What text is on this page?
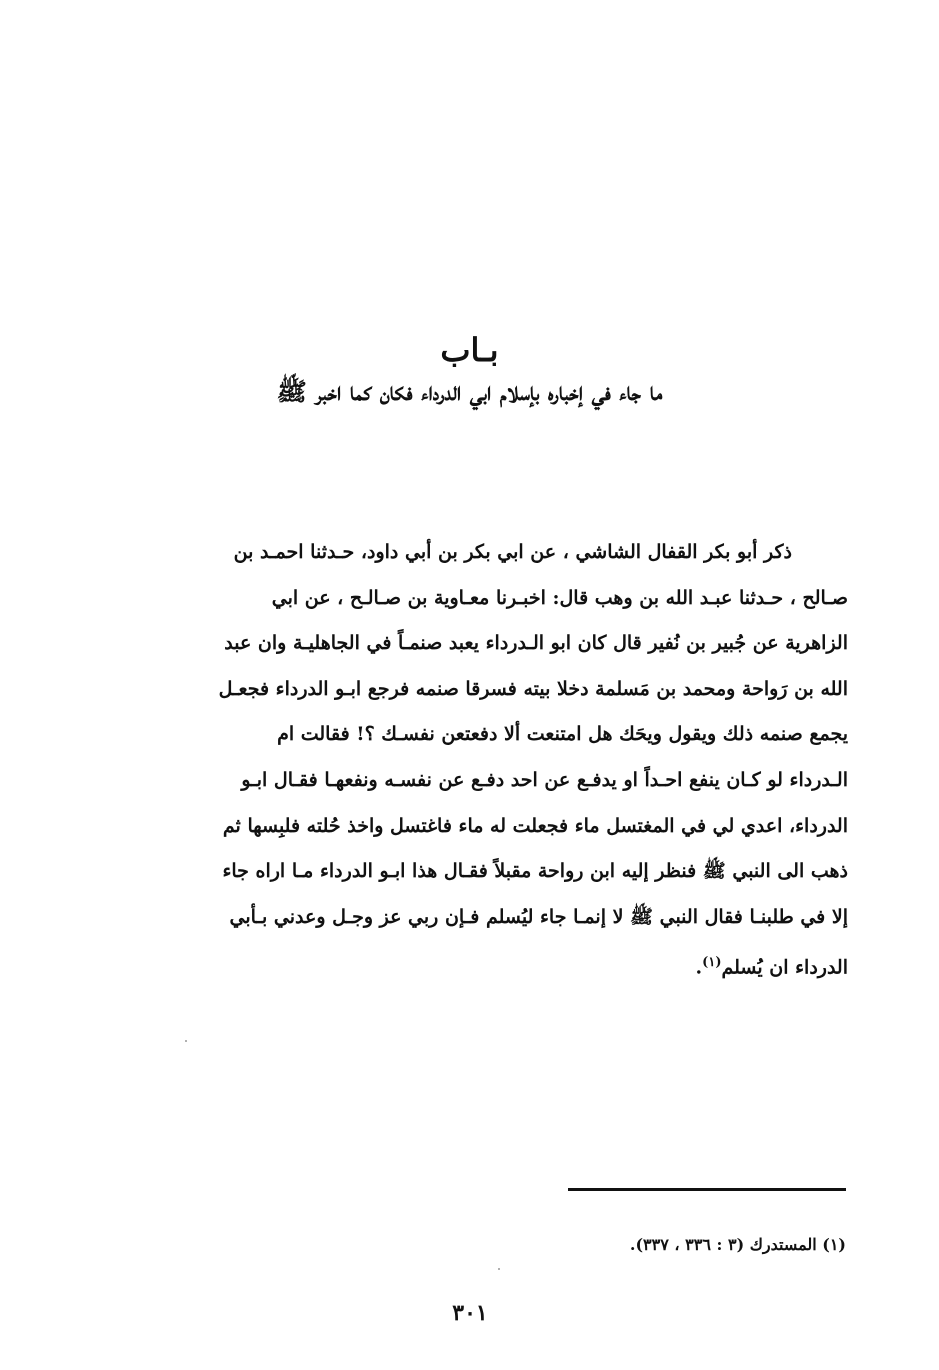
بـاب
ما جاء في إخباره بإسلام ابي الدرداء فكان كما اخبر ﷺ
ذكر أبو بكر القفال الشاشي ، عن ابي بكر بن أبي داود، حـدثنا احمـد بن
صـالح ، حـدثنا عبـد الله بن وهب قال: اخبـرنا معـاوية بن صـالـح ، عن ابي
الزاهرية عن جُبير بن نُفير قال كان ابو الـدرداء يعبد صنمـاً في الجاهليـة وان عبد
الله بن رَواحة ومحمد بن مَسلمة دخلا بيته فسرقا صنمه فرجع ابـو الدرداء فجعـل
يجمع صنمه ذلك ويقول ويحَك هل امتنعت ألا دفعتعن نفسـك ؟! فقالت ام
الـدرداء لو كـان ينفع احـداً او يدفـع عن احد دفـع عن نفسـه ونفعهـا فقـال ابـو
الدرداء، اعدي لي في المغتسل ماء فجعلت له ماء فاغتسل واخذ حُلته فلبِسها ثم
ذهب الى النبي ﷺ فنظر إليه ابن رواحة مقبلاً فقـال هذا ابـو الدرداء مـا اراه جاء
إلا في طلبنـا فقال النبي ﷺ لا إنمـا جاء ليُسلم فـإن ربي عز وجـل وعدني بـأبي
الدرداء ان يُسلم$^{(١)}$.
(١) المستدرك (٣ : ٣٣٦ ، ٣٣٧).
٣٠١
